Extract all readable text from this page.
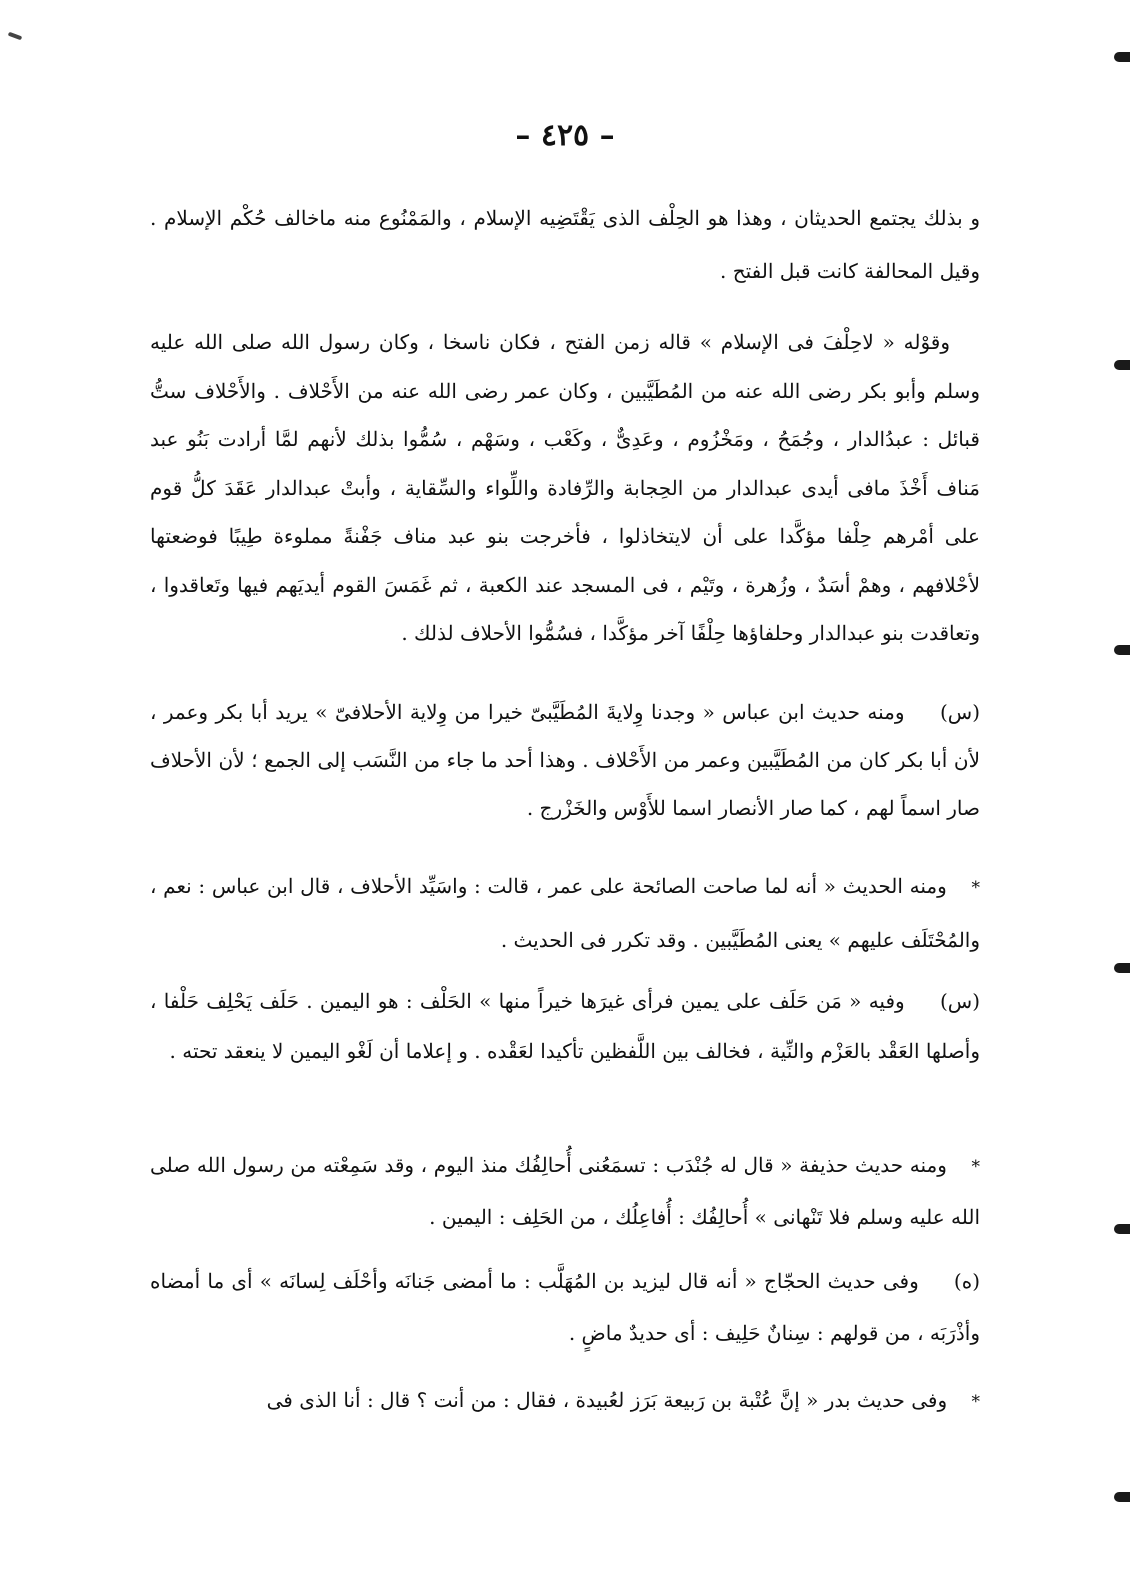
– ٤٢٥ –

و بذلك يجتمع الحديثان ، وهذا هو الحِلْف الذى يَقْتَضِيه الإسلام ، والمَمْنُوع منه ماخالف حُكْم الإسلام . وقيل المحالفة كانت قبل الفتح .

وقوْله « لاحِلْفَ فى الإسلام » قاله زمن الفتح ، فكان ناسخا ، وكان رسول الله صلى الله عليه وسلم وأبو بكر رضى الله عنه من المُطَيَّبين ، وكان عمر رضى الله عنه من الأَحْلاف . والأَحْلاف ستُّ قبائل : عبدُالدار ، وجُمَحُ ، ومَخْزُوم ، وعَدِىٌّ ، وكَعْب ، وسَهْم ، سُمُّوا بذلك لأنهم لمَّا أرادت بَنُو عبد مَناف أَخْذَ مافى أيدى عبدالدار من الحِجابة والرِّفادة واللِّواء والسِّقاية ، وأبتْ عبدالدار عَقَدَ كلُّ قوم على أمْرهم حِلْفا مؤكَّدا على أن لايتخاذلوا ، فأخرجت بنو عبد مناف جَفْنةً مملوءة طِيبًا فوضعتها لأحْلافهم ، وهمْ أسَدٌ ، وزُهرة ، وتَيْم ، فى المسجد عند الكعبة ، ثم غَمَسَ القوم أيديَهم فيها وتَعاقدوا ، وتعاقدت بنو عبدالدار وحلفاؤها حِلْفًا آخر مؤكَّدا ، فسُمُّوا الأحلاف لذلك .

(س) ومنه حديث ابن عباس « وجدنا وِلايةَ المُطَيَّبىّ خيرا من وِلاية الأحلافىّ » يريد أبا بكر وعمر ، لأن أبا بكر كان من المُطَيَّبين وعمر من الأَحْلاف . وهذا أحد ما جاء من النَّسَب إلى الجمع ؛ لأن الأحلاف صار اسماً لهم ، كما صار الأنصار اسما للأَوْس والخَزْرج .

* ومنه الحديث « أنه لما صاحت الصائحة على عمر ، قالت : واسَيِّد الأحلاف ، قال ابن عباس : نعم ، والمُحْتَلَف عليهم » يعنى المُطَيَّبين . وقد تكرر فى الحديث .

(س) وفيه « مَن حَلَف على يمين فرأى غيرَها خيراً منها » الحَلْف : هو اليمين . حَلَف يَحْلِف حَلْفا ، وأصلها العَقْد بالعَزْم والنِّية ، فخالف بين اللَّفظين تأكيدا لعَقْده . و إعلاما أن لَغْو اليمين لا ينعقد تحته .

* ومنه حديث حذيفة « قال له جُنْدَب : تسمَعُنى أُحالِفُك منذ اليوم ، وقد سَمِعْته من رسول الله صلى الله عليه وسلم فلا تَنْهانى » أُحالِفُك : أُفاعِلُك ، من الحَلِف : اليمين .

(ه) وفى حديث الحجّاج « أنه قال ليزيد بن المُهَلَّب : ما أمضى جَنانَه وأحْلَف لِسانَه » أى ما أمضاه وأذْرَبَه ، من قولهم : سِنانٌ حَلِيف : أى حديدٌ ماضٍ .

* وفى حديث بدر « إنَّ عُتْبة بن رَبيعة بَرَز لعُبيدة ، فقال : من أنت ؟ قال : أنا الذى فى
